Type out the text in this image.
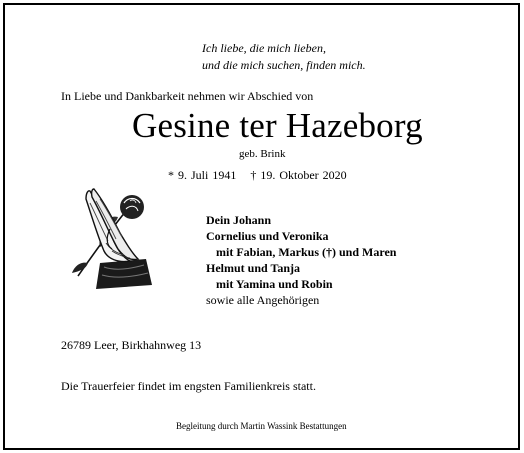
Ich liebe, die mich lieben,
und die mich suchen, finden mich.
In Liebe und Dankbarkeit nehmen wir Abschied von
Gesine ter Hazeborg
geb. Brink
* 9. Juli 1941 † 19. Oktober 2020
Dein Johann
Cornelius und Veronika
mit Fabian, Markus (†) und Maren
Helmut und Tanja
mit Yamina und Robin
sowie alle Angehörigen
26789 Leer, Birkhahnweg 13
Die Trauerfeier findet im engsten Familienkreis statt.
Begleitung durch Martin Wassink Bestattungen
